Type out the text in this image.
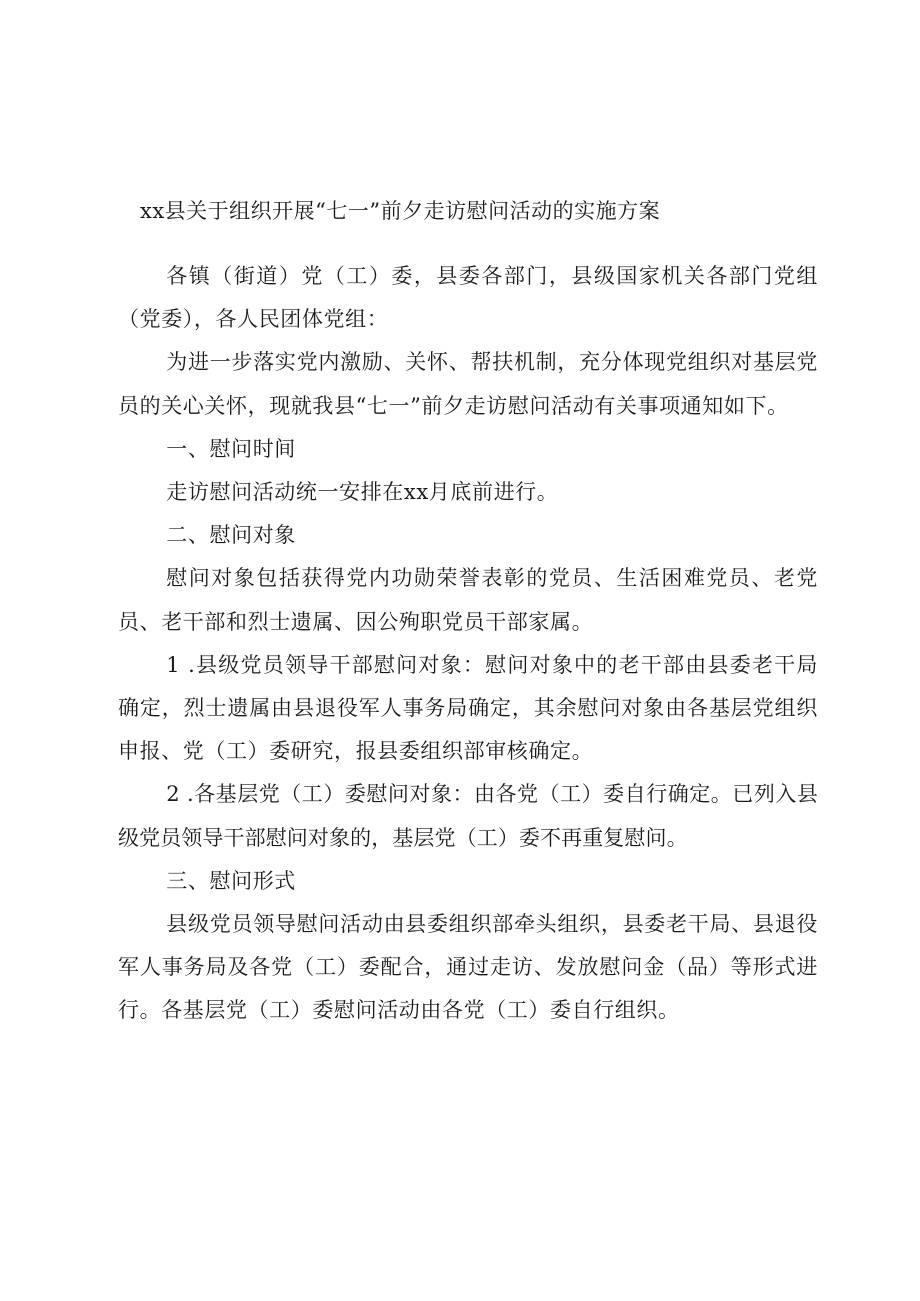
xx县关于组织开展“七一”前夕走访慰问活动的实施方案

各镇（街道）党（工）委，县委各部门，县级国家机关各部门党组（党委），各人民团体党组：

为进一步落实党内激励、关怀、帮扶机制，充分体现党组织对基层党员的关心关怀，现就我县“七一”前夕走访慰问活动有关事项通知如下。

一、慰问时间

走访慰问活动统一安排在xx月底前进行。

二、慰问对象

慰问对象包括获得党内功勋荣誉表彰的党员、生活困难党员、老党员、老干部和烈士遗属、因公殉职党员干部家属。

1 .县级党员领导干部慰问对象：慰问对象中的老干部由县委老干局确定，烈士遗属由县退役军人事务局确定，其余慰问对象由各基层党组织申报、党（工）委研究，报县委组织部审核确定。

2 .各基层党（工）委慰问对象：由各党（工）委自行确定。已列入县级党员领导干部慰问对象的，基层党（工）委不再重复慰问。

三、慰问形式

县级党员领导慰问活动由县委组织部牵头组织，县委老干局、县退役军人事务局及各党（工）委配合，通过走访、发放慰问金（品）等形式进行。各基层党（工）委慰问活动由各党（工）委自行组织。
